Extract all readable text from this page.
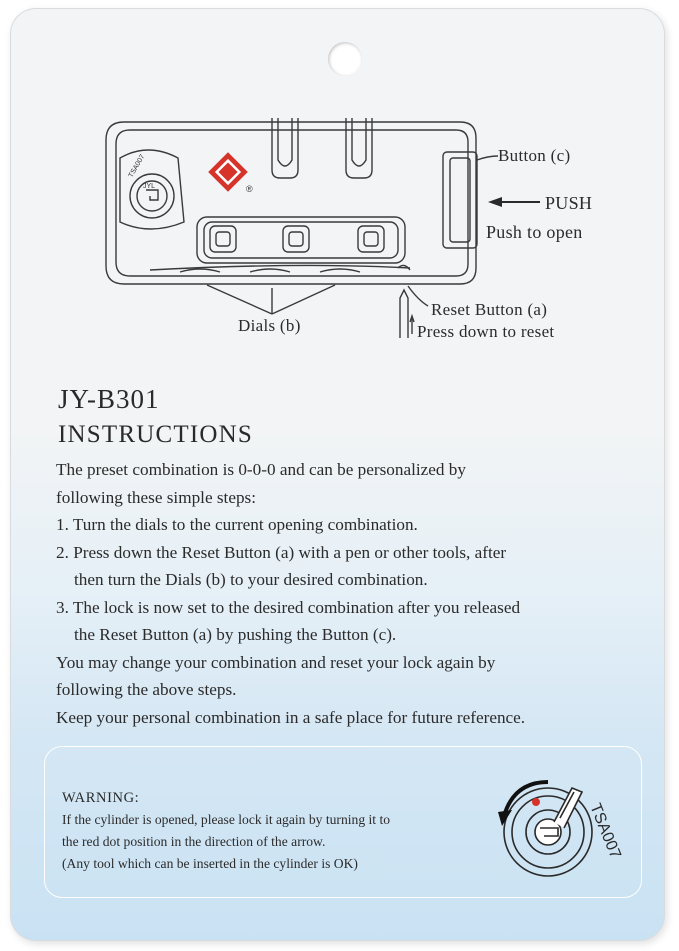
®
TSA007
JYL
Button (c)
PUSH
Push to open
Reset Button (a)
Press down to reset
Dials (b)
JY-B301
INSTRUCTIONS

The preset combination is 0-0-0 and can be personalized by

following these simple steps:

1. Turn the dials to the current opening combination.

2. Press down the Reset Button (a) with a pen or other tools, after

then turn the Dials (b) to your desired combination.

3. The lock is now set to the desired combination after you released

the Reset Button (a) by pushing the Button (c).

You may change your combination and reset your lock again by

following the above steps.

Keep your personal combination in a safe place for future reference.

WARNING:
If the cylinder is opened, please lock it again by turning it to
the red dot position in the direction of the arrow.
(Any tool which can be inserted in the cylinder is OK)
TSA007
